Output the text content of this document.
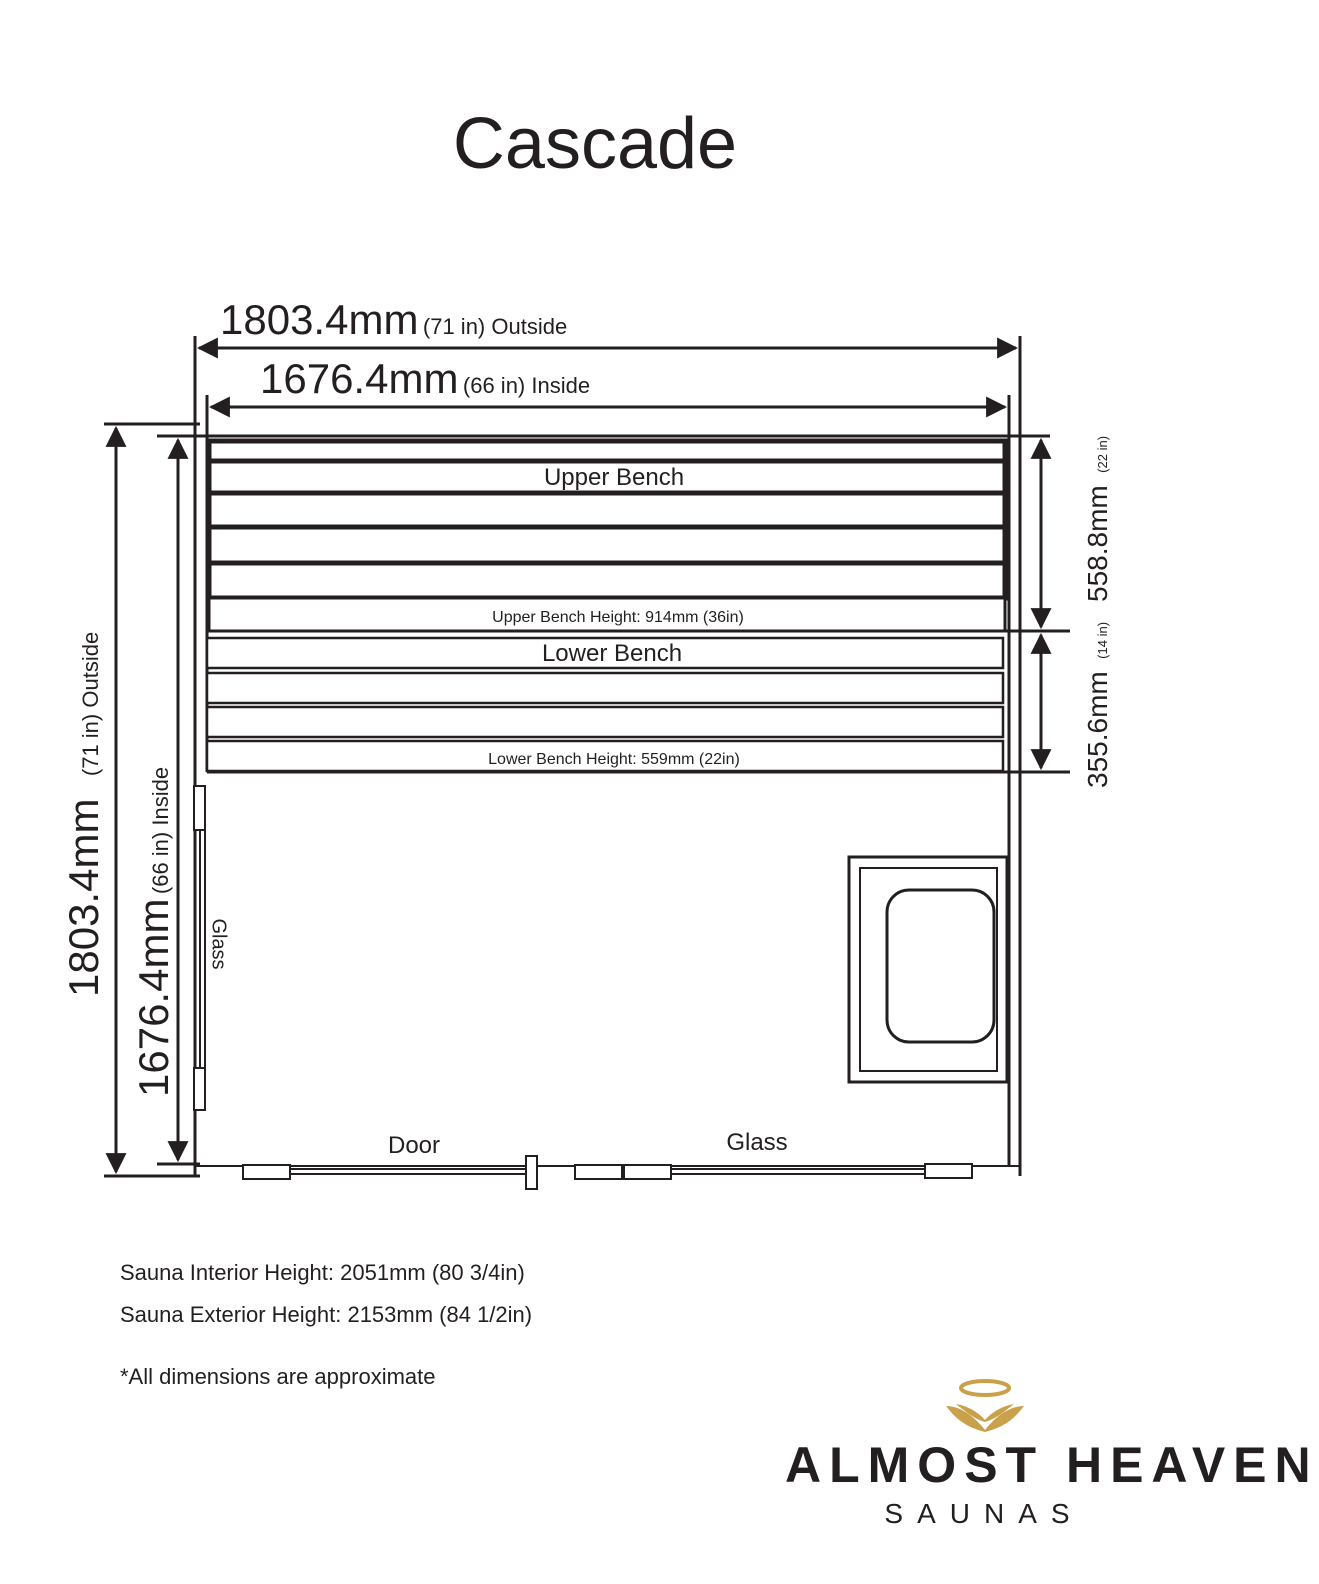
Cascade
Upper Bench
Upper Bench Height: 914mm (36in)
Lower Bench
Lower Bench Height: 559mm (22in)
Door	Glass
Glass
1803.4mm (71 in) Outside
1676.4mm (66 in) Inside
1803.4mm (71 in) Outside
1676.4mm (66 in) Inside
558.8mm (22 in)
355.6mm (14 in)
Sauna Interior Height: 2051mm (80 3/4in)
Sauna Exterior Height: 2153mm (84 1/2in)
*All dimensions are approximate
ALMOST HEAVEN
SAUNAS
